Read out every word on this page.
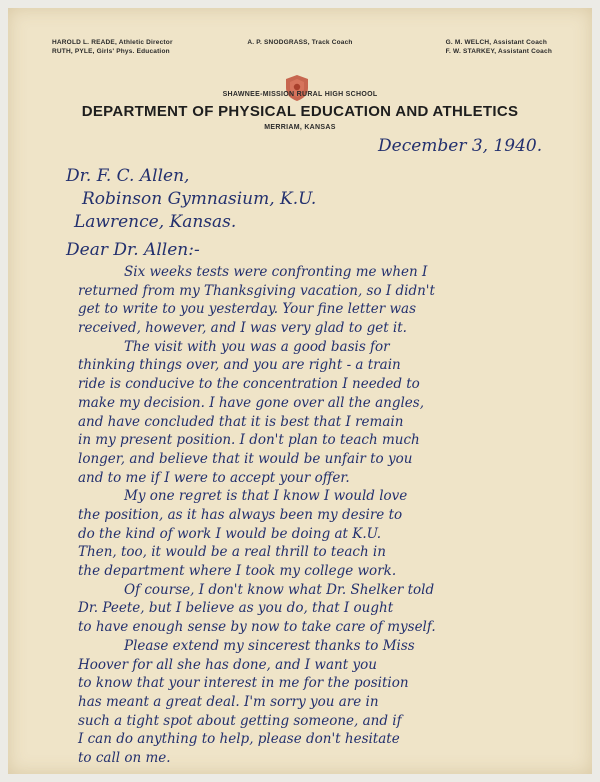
HAROLD L. READE, Athletic Director
RUTH, PYLE, Girls' Phys. Education
A. P. SNODGRASS, Track Coach	G. M. WELCH, Assistant Coach
F. W. STARKEY, Assistant Coach
SHAWNEE-MISSION RURAL HIGH SCHOOL
DEPARTMENT OF PHYSICAL EDUCATION AND ATHLETICS
MERRIAM, KANSAS
December 3, 1940.
Dr. F. C. Allen,
Robinson Gymnasium, K.U.
Lawrence, Kansas.
Dear Dr. Allen:-
Six weeks tests were confronting me when I
returned from my Thanksgiving vacation, so I didn't
get to write to you yesterday. Your fine letter was
received, however, and I was very glad to get it.
The visit with you was a good basis for
thinking things over, and you are right - a train
ride is conducive to the concentration I needed to
make my decision. I have gone over all the angles,
and have concluded that it is best that I remain
in my present position. I don't plan to teach much
longer, and believe that it would be unfair to you
and to me if I were to accept your offer.
My one regret is that I know I would love
the position, as it has always been my desire to
do the kind of work I would be doing at K.U.
Then, too, it would be a real thrill to teach in
the department where I took my college work.
Of course, I don't know what Dr. Shelker told
Dr. Peete, but I believe as you do, that I ought
to have enough sense by now to take care of myself.
Please extend my sincerest thanks to Miss
Hoover for all she has done, and I want you
to know that your interest in me for the position
has meant a great deal. I'm sorry you are in
such a tight spot about getting someone, and if
I can do anything to help, please don't hesitate
to call on me.
